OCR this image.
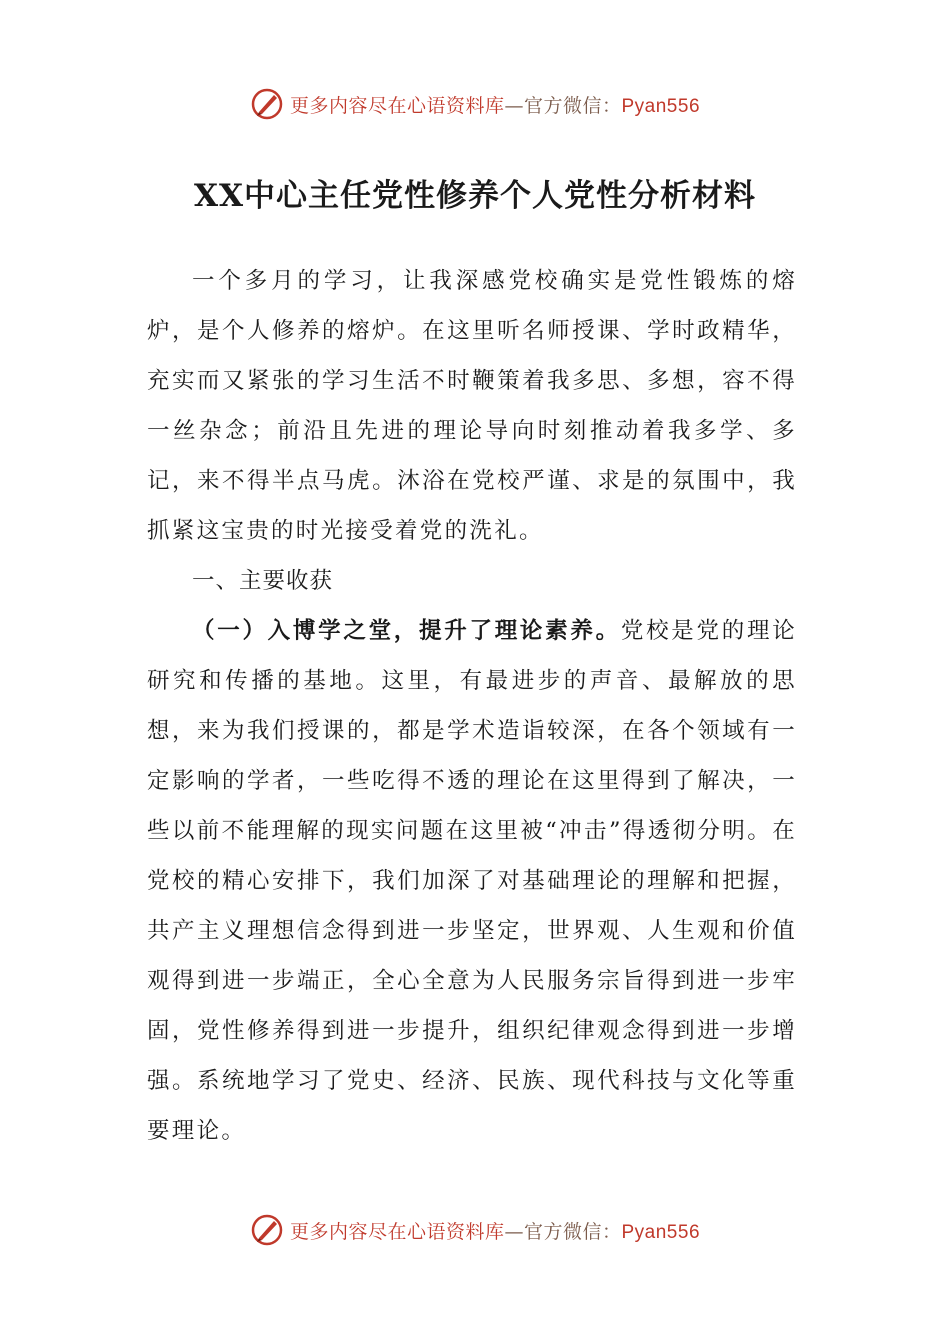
更多内容尽在心语资料库—官方微信：Pyan556
XX中心主任党性修养个人党性分析材料

一个多月的学习，让我深感党校确实是党性锻炼的熔炉，是个人修养的熔炉。在这里听名师授课、学时政精华，充实而又紧张的学习生活不时鞭策着我多思、多想，容不得一丝杂念；前沿且先进的理论导向时刻推动着我多学、多记，来不得半点马虎。沐浴在党校严谨、求是的氛围中，我抓紧这宝贵的时光接受着党的洗礼。

一、主要收获

（一）入博学之堂，提升了理论素养。党校是党的理论研究和传播的基地。这里，有最进步的声音、最解放的思想，来为我们授课的，都是学术造诣较深，在各个领域有一定影响的学者，一些吃得不透的理论在这里得到了解决，一些以前不能理解的现实问题在这里被“冲击”得透彻分明。在党校的精心安排下，我们加深了对基础理论的理解和把握，共产主义理想信念得到进一步坚定，世界观、人生观和价值观得到进一步端正，全心全意为人民服务宗旨得到进一步牢固，党性修养得到进一步提升，组织纪律观念得到进一步增强。系统地学习了党史、经济、民族、现代科技与文化等重要理论。

更多内容尽在心语资料库—官方微信：Pyan556
